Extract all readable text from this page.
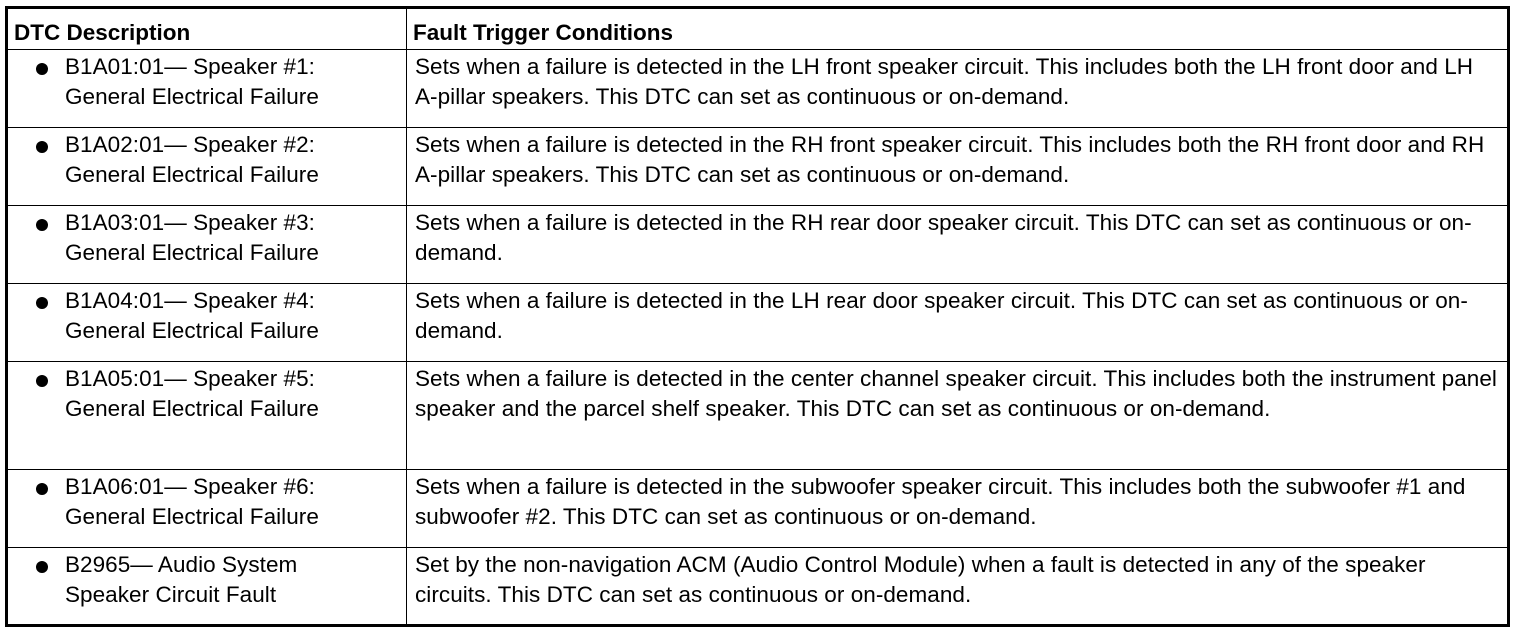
DTC Description	Fault Trigger Conditions

B1A01:01— Speaker #1:
General Electrical Failure	Sets when a failure is detected in the LH front speaker circuit. This includes both the LH front door and LH A-pillar speakers. This DTC can set as continuous or on-demand.

B1A02:01— Speaker #2:
General Electrical Failure	Sets when a failure is detected in the RH front speaker circuit. This includes both the RH front door and RH A-pillar speakers. This DTC can set as continuous or on-demand.

B1A03:01— Speaker #3:
General Electrical Failure	Sets when a failure is detected in the RH rear door speaker circuit. This DTC can set as continuous or on-demand.

B1A04:01— Speaker #4:
General Electrical Failure	Sets when a failure is detected in the LH rear door speaker circuit. This DTC can set as continuous or on-demand.

B1A05:01— Speaker #5:
General Electrical Failure	Sets when a failure is detected in the center channel speaker circuit. This includes both the instrument panel speaker and the parcel shelf speaker. This DTC can set as continuous or on-demand.

B1A06:01— Speaker #6:
General Electrical Failure	Sets when a failure is detected in the subwoofer speaker circuit. This includes both the subwoofer #1 and subwoofer #2. This DTC can set as continuous or on-demand.

B2965— Audio System
Speaker Circuit Fault	Set by the non-navigation ACM (Audio Control Module) when a fault is detected in any of the speaker circuits. This DTC can set as continuous or on-demand.
